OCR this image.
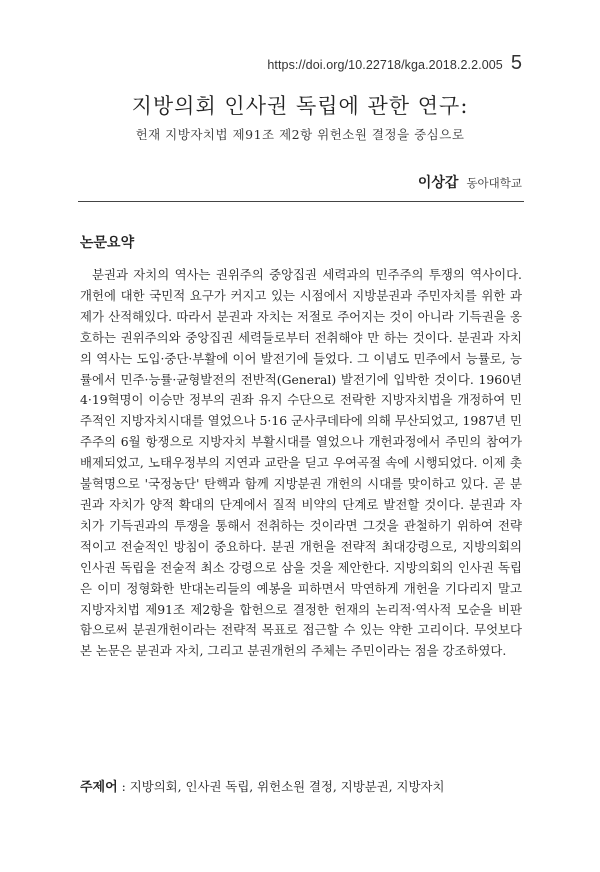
https://doi.org/10.22718/kga.2018.2.2.005 5
지방의회 인사권 독립에 관한 연구:
헌재 지방자치법 제91조 제2항 위헌소원 결정을 중심으로
이상갑 동아대학교
논문요약

분권과 자치의 역사는 권위주의 중앙집권 세력과의 민주주의 투쟁의 역사이다. 개헌에 대한 국민적 요구가 커지고 있는 시점에서 지방분권과 주민자치를 위한 과제가 산적해있다. 따라서 분권과 자치는 저절로 주어지는 것이 아니라 기득권을 옹호하는 권위주의와 중앙집권 세력들로부터 전취해야 만 하는 것이다. 분권과 자치의 역사는 도입·중단·부활에 이어 발전기에 들었다. 그 이념도 민주에서 능률로, 능률에서 민주·능률·균형발전의 전반적(General) 발전기에 입박한 것이다. 1960년 4·19혁명이 이승만 정부의 권좌 유지 수단으로 전락한 지방자치법을 개정하여 민주적인 지방자치시대를 열었으나 5·16 군사쿠데타에 의해 무산되었고, 1987년 민주주의 6월 항쟁으로 지방자치 부활시대를 열었으나 개헌과정에서 주민의 참여가 배제되었고, 노태우정부의 지연과 교란을 딛고 우여곡절 속에 시행되었다. 이제 촛불혁명으로 '국정농단' 탄핵과 함께 지방분권 개헌의 시대를 맞이하고 있다. 곧 분권과 자치가 양적 확대의 단계에서 질적 비약의 단계로 발전할 것이다. 분권과 자치가 기득권과의 투쟁을 통해서 전취하는 것이라면 그것을 관철하기 위하여 전략적이고 전술적인 방침이 중요하다. 분권 개헌을 전략적 최대강령으로, 지방의회의 인사권 독립을 전술적 최소 강령으로 삼을 것을 제안한다. 지방의회의 인사권 독립은 이미 정형화한 반대논리들의 예봉을 피하면서 막연하게 개헌을 기다리지 말고 지방자치법 제91조 제2항을 합헌으로 결정한 헌재의 논리적·역사적 모순을 비판함으로써 분권개헌이라는 전략적 목표로 접근할 수 있는 약한 고리이다. 무엇보다 본 논문은 분권과 자치, 그리고 분권개헌의 주체는 주민이라는 점을 강조하였다.

주제어 : 지방의회, 인사권 독립, 위헌소원 결정, 지방분권, 지방자치
